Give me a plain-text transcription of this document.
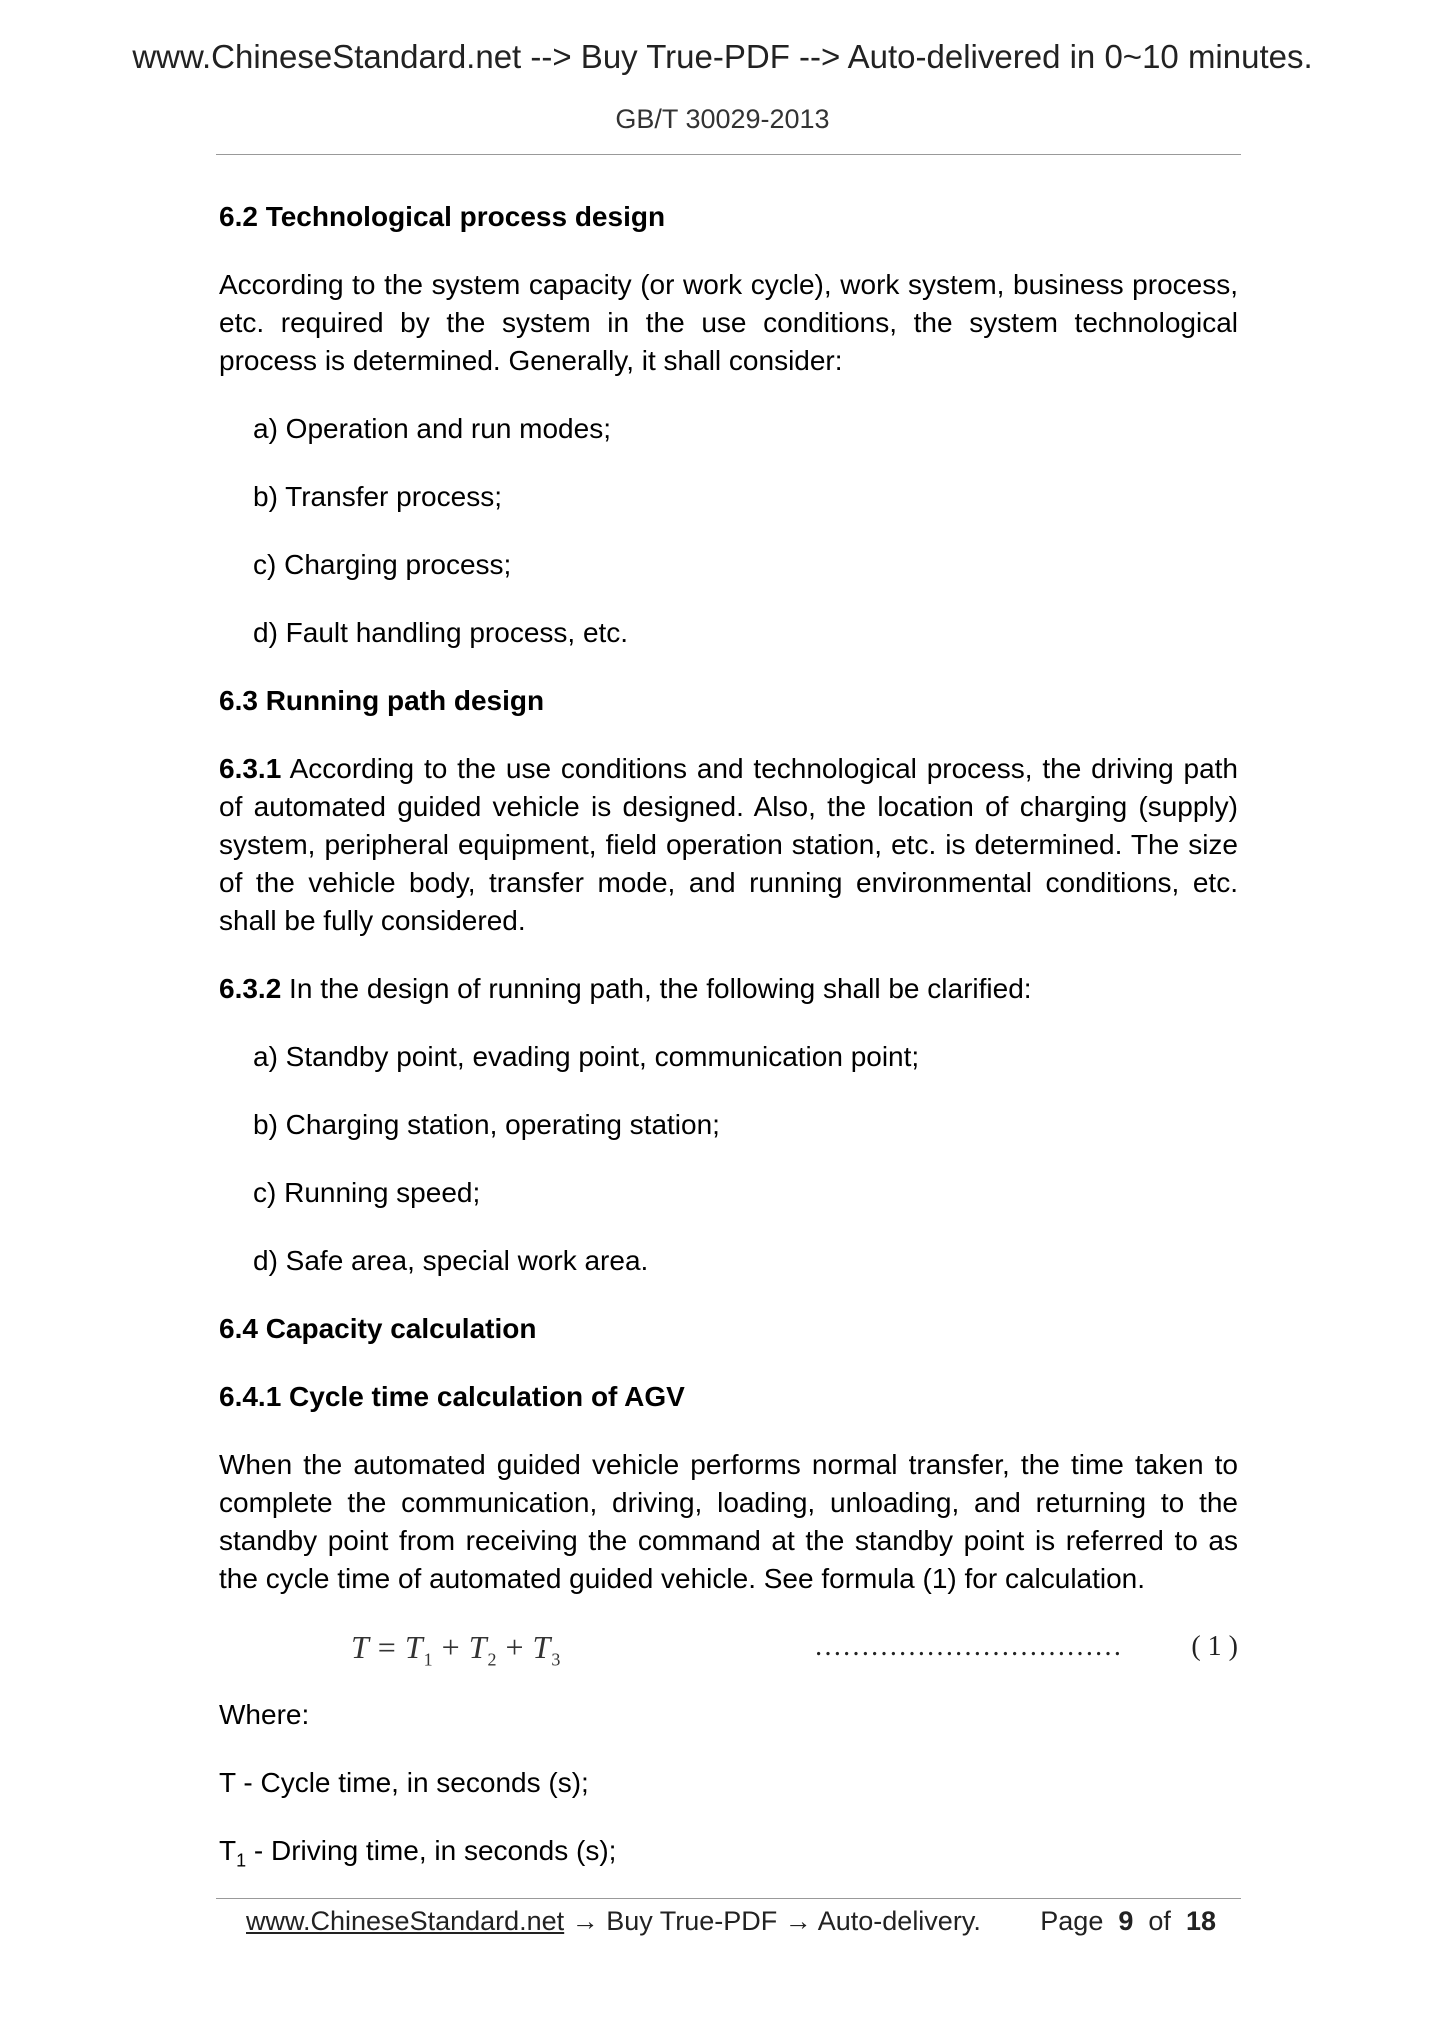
www.ChineseStandard.net --> Buy True-PDF --> Auto-delivered in 0~10 minutes.
GB/T 30029-2013
6.2 Technological process design
According to the system capacity (or work cycle), work system, business process, etc. required by the system in the use conditions, the system technological process is determined. Generally, it shall consider:
a) Operation and run modes;
b) Transfer process;
c) Charging process;
d) Fault handling process, etc.
6.3 Running path design
6.3.1 According to the use conditions and technological process, the driving path of automated guided vehicle is designed. Also, the location of charging (supply) system, peripheral equipment, field operation station, etc. is determined. The size of the vehicle body, transfer mode, and running environmental conditions, etc. shall be fully considered.
6.3.2 In the design of running path, the following shall be clarified:
a) Standby point, evading point, communication point;
b) Charging station, operating station;
c) Running speed;
d) Safe area, special work area.
6.4 Capacity calculation
6.4.1 Cycle time calculation of AGV
When the automated guided vehicle performs normal transfer, the time taken to complete the communication, driving, loading, unloading, and returning to the standby point from receiving the command at the standby point is referred to as the cycle time of automated guided vehicle. See formula (1) for calculation.
$T = T_1 + T_2 + T_3$	…………………………… ( 1 )
Where:
T - Cycle time, in seconds (s);
$T_1$ - Driving time, in seconds (s);
www.ChineseStandard.net → Buy True-PDF → Auto-delivery. Page 9 of 18
